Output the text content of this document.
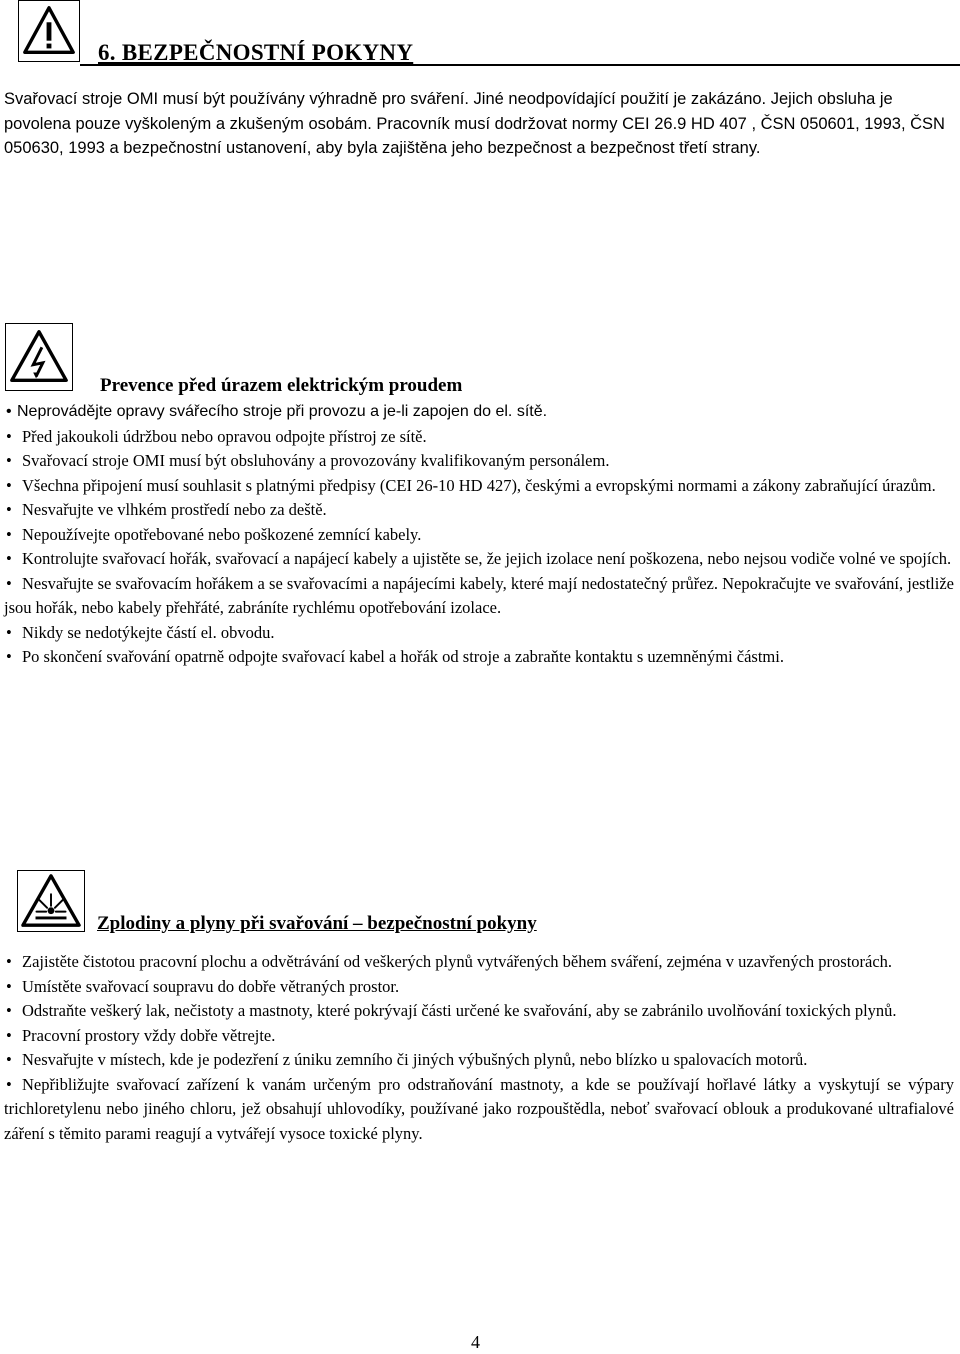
6. BEZPEČNOSTNÍ POKYNY

Svařovací stroje OMI musí být používány výhradně pro sváření. Jiné neodpovídající použití je zakázáno. Jejich obsluha je povolena pouze vyškoleným a zkušeným osobám. Pracovník musí dodržovat normy CEI 26.9 HD 407 , ČSN 050601, 1993, ČSN 050630, 1993 a bezpečnostní ustanovení, aby byla zajištěna jeho bezpečnost a bezpečnost třetí strany.

Prevence před úrazem elektrickým proudem
• Neprovádějte opravy svářecího stroje při provozu a je-li zapojen do el. sítě.
• Před jakoukoli údržbou nebo opravou odpojte přístroj ze sítě.
• Svařovací stroje OMI musí být obsluhovány a provozovány kvalifikovaným personálem.
• Všechna připojení musí souhlasit s platnými předpisy (CEI 26-10 HD 427), českými a evropskými normami a zákony zabraňující úrazům.
• Nesvařujte ve vlhkém prostředí nebo za deště.
• Nepoužívejte opotřebované nebo poškozené zemnící kabely.
• Kontrolujte svařovací hořák, svařovací a napájecí kabely a ujistěte se, že jejich izolace není poškozena, nebo nejsou vodiče volné ve spojích.
• Nesvařujte se svařovacím hořákem a se svařovacími a napájecími kabely, které mají nedostatečný průřez. Nepokračujte ve svařování, jestliže jsou hořák, nebo kabely přehřáté, zabráníte rychlému opotřebování izolace.
• Nikdy se nedotýkejte částí el. obvodu.
• Po skončení svařování opatrně odpojte svařovací kabel a hořák od stroje a zabraňte kontaktu s uzemněnými částmi.
Zplodiny a plyny při svařování – bezpečnostní pokyny
• Zajistěte čistotou pracovní plochu a odvětrávání od veškerých plynů vytvářených během sváření, zejména v uzavřených prostorách.
• Umístěte svařovací soupravu do dobře větraných prostor.
• Odstraňte veškerý lak, nečistoty a mastnoty, které pokrývají části určené ke svařování, aby se zabránilo uvolňování toxických plynů.
• Pracovní prostory vždy dobře větrejte.
• Nesvařujte v místech, kde je podezření z úniku zemního či jiných výbušných plynů, nebo blízko u spalovacích motorů.
• Nepřibližujte svařovací zařízení k vanám určeným pro odstraňování mastnoty, a kde se používají hořlavé látky a vyskytují se výpary trichloretylenu nebo jiného chloru, jež obsahují uhlovodíky, používané jako rozpouštědla, neboť svařovací oblouk a produkované ultrafialové záření s těmito parami reagují a vytvářejí vysoce toxické plyny.
4
